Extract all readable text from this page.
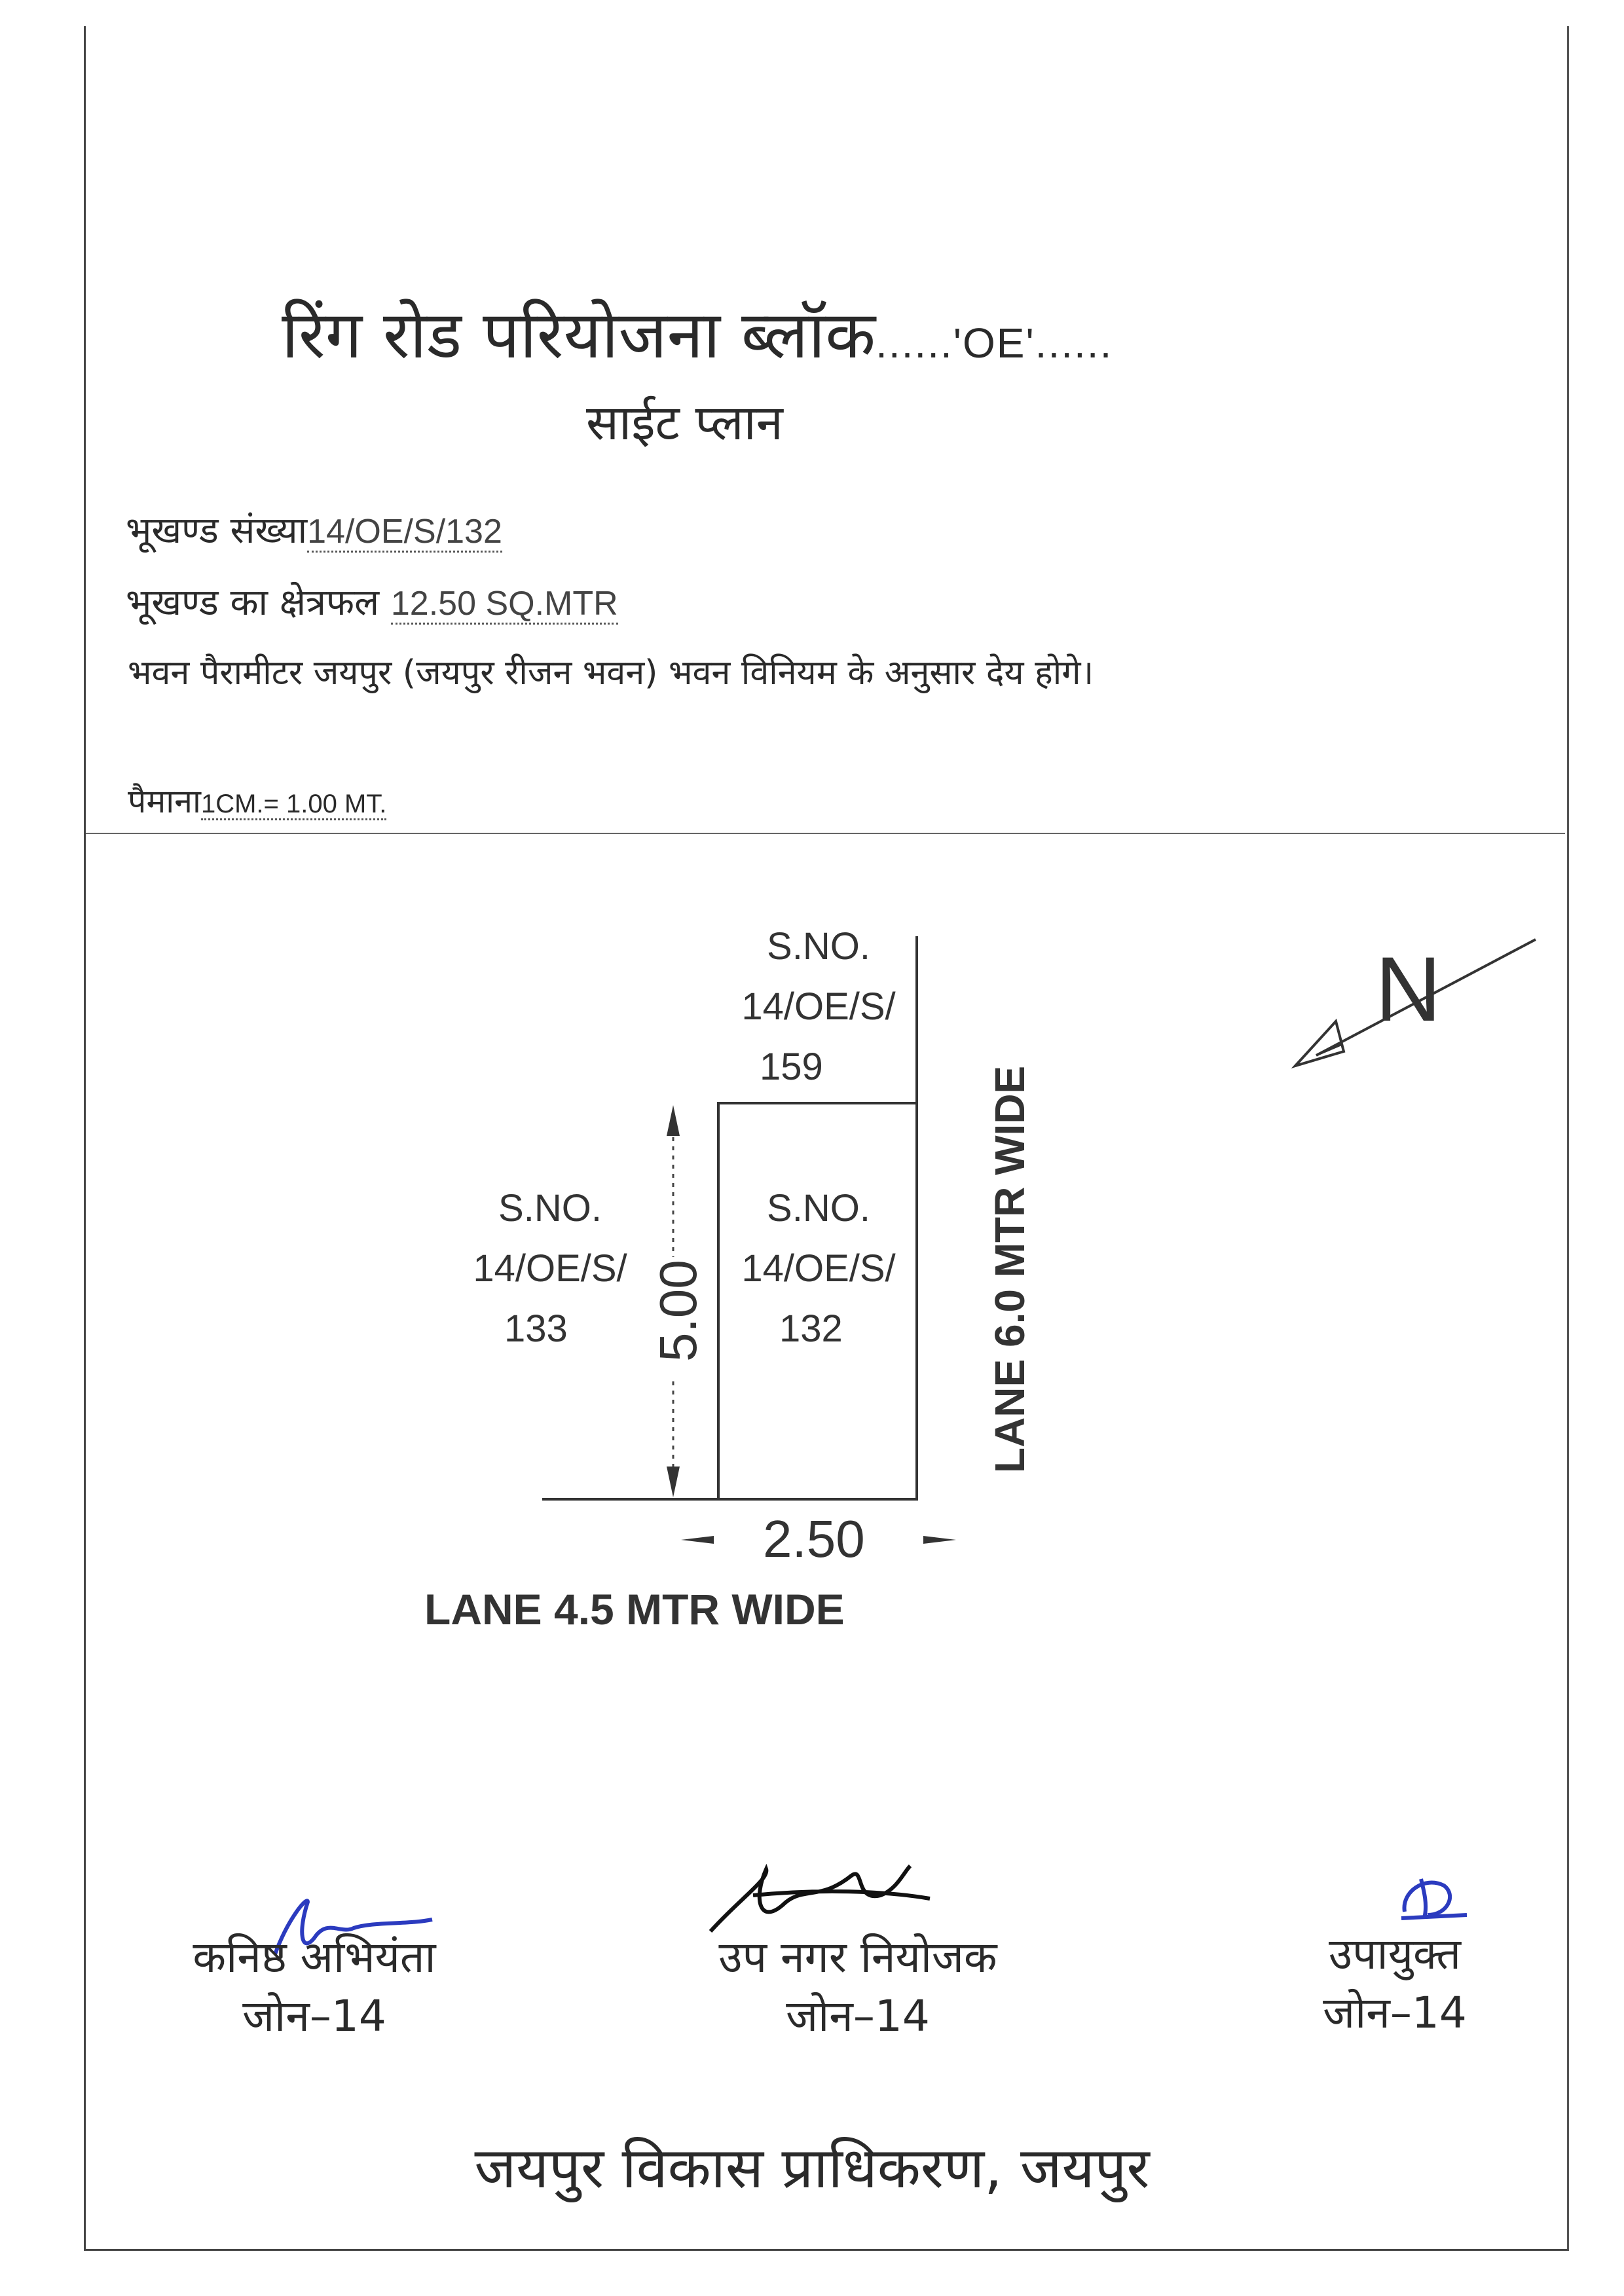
रिंग रोड परियोजना ब्लॉक......'OE'......
साईट प्लान
भूखण्ड संख्या14/OE/S/132
भूखण्ड का क्षेत्रफल 12.50 SQ.MTR
भवन पैरामीटर जयपुर (जयपुर रीजन भवन) भवन विनियम के अनुसार देय होगे।
पैमाना1CM.= 1.00 MT.
S.NO.
14/OE/S/
159
S.NO.
14/OE/S/
133
S.NO.
14/OE/S/
132
5.00
2.50
LANE 4.5 MTR WIDE
LANE 6.0 MTR WIDE
N
कनिष्ठ अभियंता
जोन–14
उप नगर नियोजक
जोन–14
उपायुक्त
जोन–14
जयपुर विकास प्राधिकरण, जयपुर
